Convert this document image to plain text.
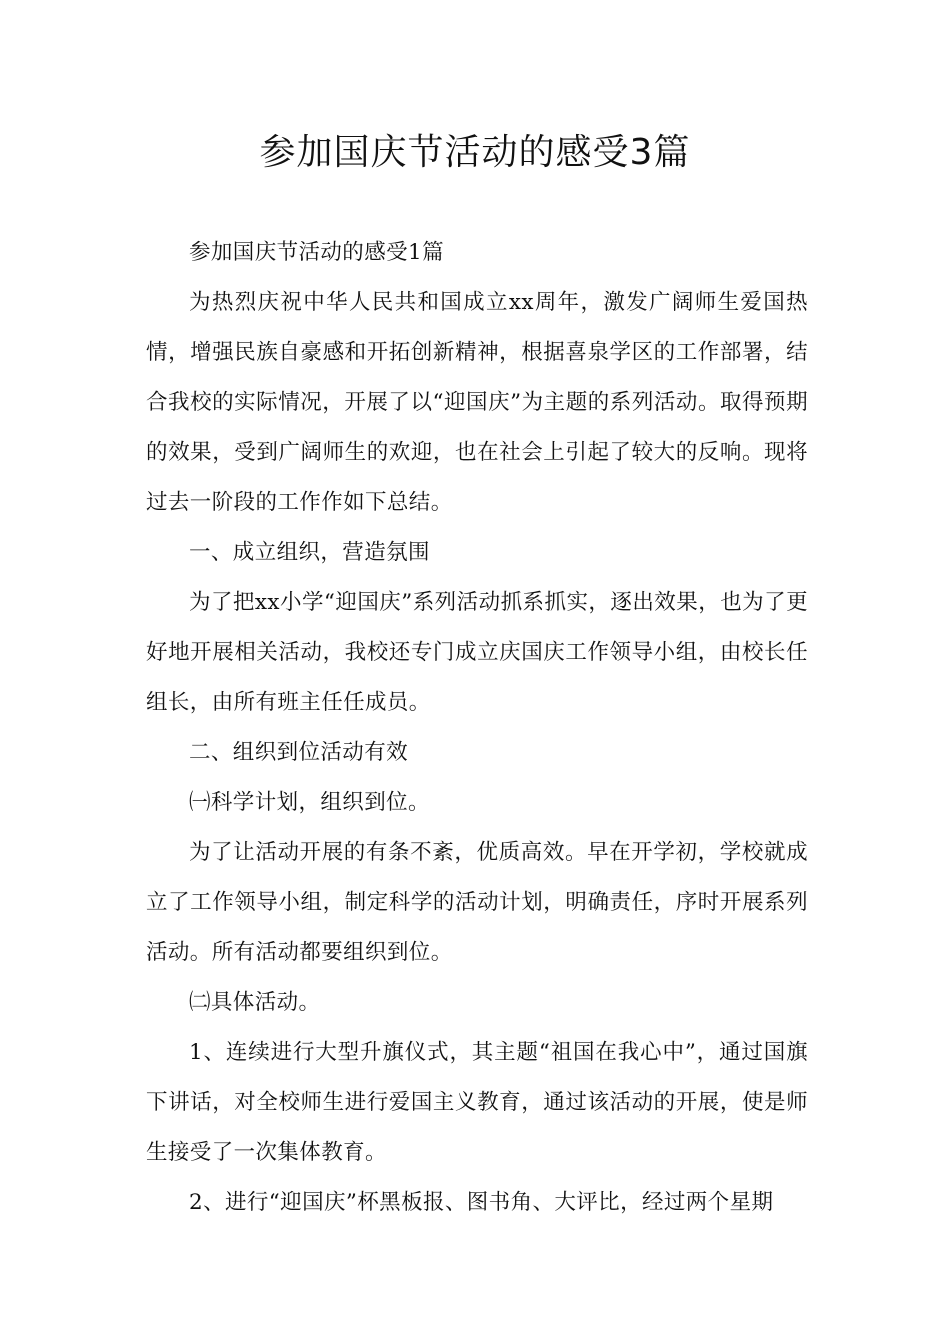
参加国庆节活动的感受3篇

参加国庆节活动的感受1篇

为热烈庆祝中华人民共和国成立xx周年，激发广阔师生爱国热情，增强民族自豪感和开拓创新精神，根据喜泉学区的工作部署，结合我校的实际情况，开展了以“迎国庆”为主题的系列活动。取得预期的效果，受到广阔师生的欢迎，也在社会上引起了较大的反响。现将过去一阶段的工作作如下总结。

一、成立组织，营造氛围

为了把xx小学“迎国庆”系列活动抓系抓实，逐出效果，也为了更好地开展相关活动，我校还专门成立庆国庆工作领导小组，由校长任组长，由所有班主任任成员。

二、组织到位活动有效

㈠科学计划，组织到位。

为了让活动开展的有条不紊，优质高效。早在开学初，学校就成立了工作领导小组，制定科学的活动计划，明确责任，序时开展系列活动。所有活动都要组织到位。

㈡具体活动。

1、连续进行大型升旗仪式，其主题“祖国在我心中”，通过国旗下讲话，对全校师生进行爱国主义教育，通过该活动的开展，使是师生接受了一次集体教育。

2、进行“迎国庆”杯黑板报、图书角、大评比，经过两个星期
